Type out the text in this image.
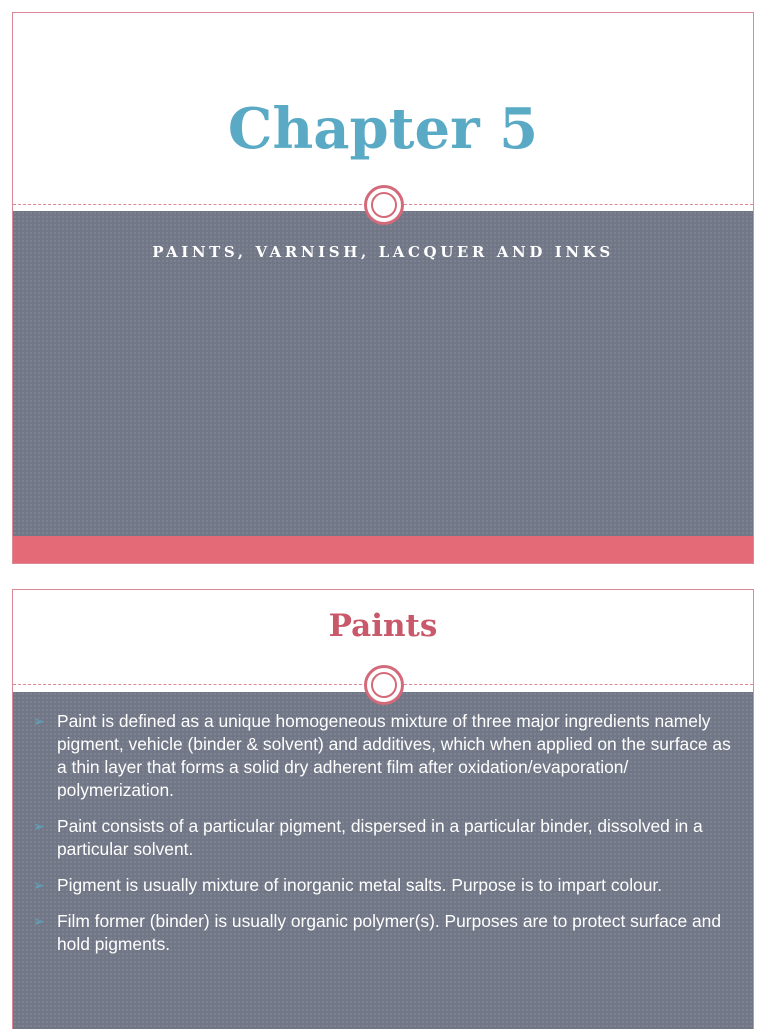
Chapter 5

PAINTS, VARNISH, LACQUER AND INKS

Paints
➢ Paint is defined as a unique homogeneous mixture of three major ingredients namely pigment, vehicle (binder & solvent) and additives, which when applied on the surface as a thin layer that forms a solid dry adherent film after oxidation/evaporation/ polymerization.
➢ Paint consists of a particular pigment, dispersed in a particular binder, dissolved in a particular solvent.
➢ Pigment is usually mixture of inorganic metal salts. Purpose is to impart colour.
➢ Film former (binder) is usually organic polymer(s). Purposes are to protect surface and hold pigments.
